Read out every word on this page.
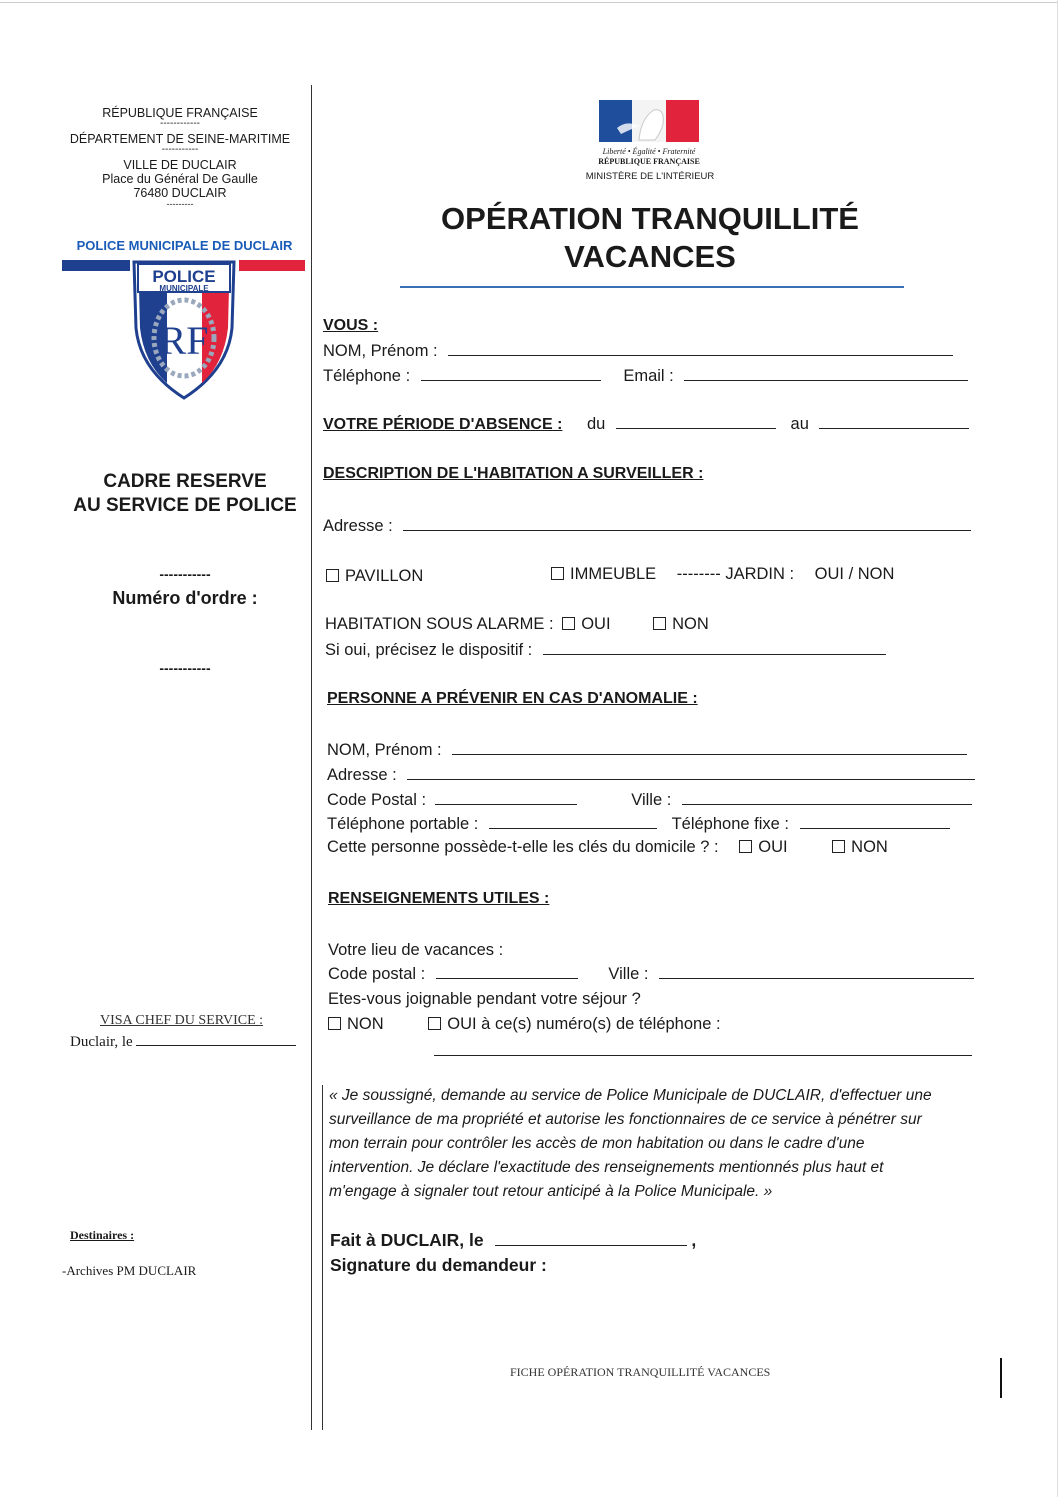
RÉPUBLIQUE FRANÇAISE
------------
DÉPARTEMENT DE SEINE-MARITIME
-----------
VILLE DE DUCLAIR
Place du Général De Gaulle
76480 DUCLAIR
---------
POLICE MUNICIPALE DE DUCLAIR
POLICE
MUNICIPALE
RF
CADRE RESERVE
AU SERVICE DE POLICE
-----------
Numéro d'ordre :
-----------
VISA CHEF DU SERVICE :
Duclair, le
Destinaires :
-Archives PM DUCLAIR
Liberté • Égalité • Fraternité
RÉPUBLIQUE FRANÇAISE
MINISTÈRE DE L'INTÉRIEUR
OPÉRATION TRANQUILLITÉ
VACANCES
VOUS :
NOM, Prénom :
Téléphone :	Email :
VOTRE PÉRIODE D'ABSENCE : du	au
DESCRIPTION DE L'HABITATION A SURVEILLER :
Adresse :
PAVILLON	IMMEUBLE -------- JARDIN : OUI / NON
HABITATION SOUS ALARME : OUI	NON
Si oui, précisez le dispositif :
PERSONNE A PRÉVENIR EN CAS D'ANOMALIE :
NOM, Prénom :
Adresse :
Code Postal :	Ville :
Téléphone portable :	Téléphone fixe :
Cette personne possède-t-elle les clés du domicile ? : OUI	NON
RENSEIGNEMENTS UTILES :
Votre lieu de vacances :
Code postal :	Ville :
Etes-vous joignable pendant votre séjour ?
NON	OUI à ce(s) numéro(s) de téléphone :
« Je soussigné, demande au service de Police Municipale de DUCLAIR, d'effectuer une
surveillance de ma propriété et autorise les fonctionnaires de ce service à pénétrer sur
mon terrain pour contrôler les accès de mon habitation ou dans le cadre d'une
intervention. Je déclare l'exactitude des renseignements mentionnés plus haut et
m'engage à signaler tout retour anticipé à la Police Municipale. »
Fait à DUCLAIR, le	,
Signature du demandeur :
FICHE OPÉRATION TRANQUILLITÉ VACANCES
